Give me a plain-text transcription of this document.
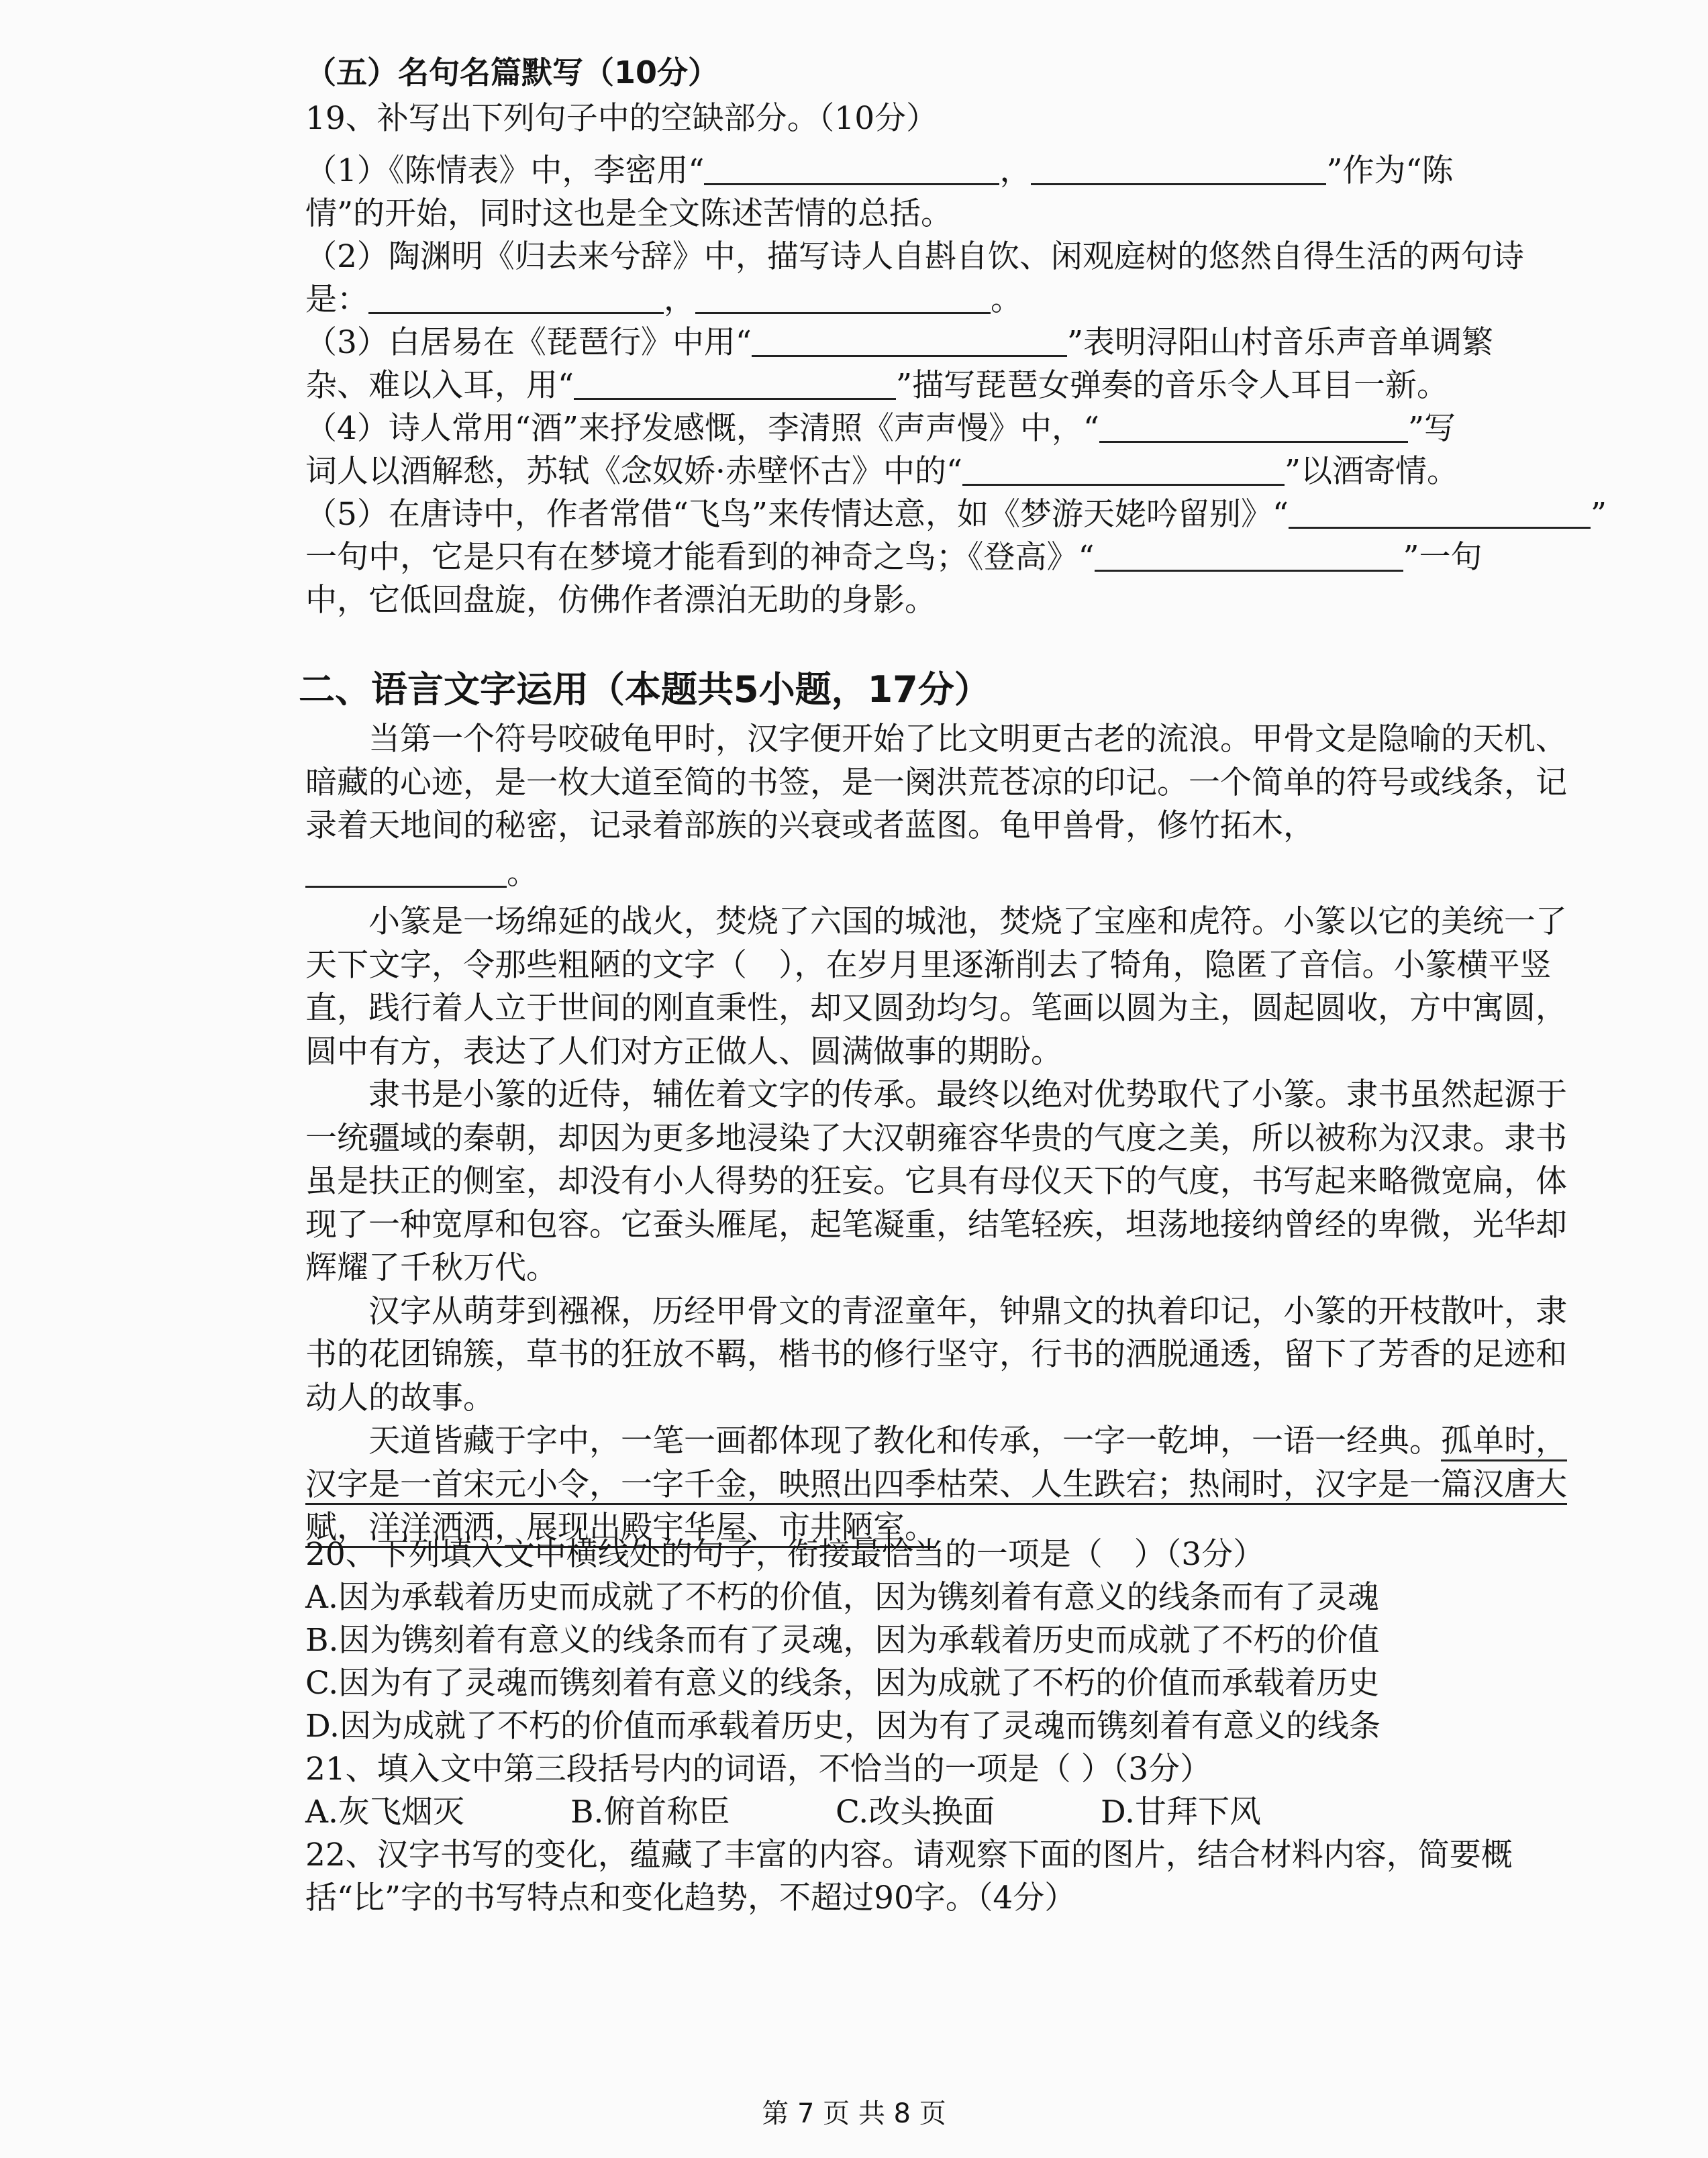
（五）名句名篇默写（10分）

19、补写出下列句子中的空缺部分。（10分）

（1）《陈情表》中，李密用“	，	”作为“陈

情”的开始，同时这也是全文陈述苦情的总括。

（2）陶渊明《归去来兮辞》中，描写诗人自斟自饮、闲观庭树的悠然自得生活的两句诗

是：	，	。

（3）白居易在《琵琶行》中用“	”表明浔阳山村音乐声音单调繁

杂、难以入耳，用“	”描写琵琶女弹奏的音乐令人耳目一新。

（4）诗人常用“酒”来抒发感慨，李清照《声声慢》中，“	”写

词人以酒解愁，苏轼《念奴娇·赤壁怀古》中的“	”以酒寄情。

（5）在唐诗中，作者常借“飞鸟”来传情达意，如《梦游天姥吟留别》“	”

一句中，它是只有在梦境才能看到的神奇之鸟；《登高》“	”一句

中，它低回盘旋，仿佛作者漂泊无助的身影。

二、语言文字运用（本题共5小题，17分）

当第一个符号咬破龟甲时，汉字便开始了比文明更古老的流浪。甲骨文是隐喻的天机、暗藏的心迹，是一枚大道至简的书签，是一阕洪荒苍凉的印记。一个简单的符号或线条，记录着天地间的秘密，记录着部族的兴衰或者蓝图。龟甲兽骨，修竹拓木，

。

小篆是一场绵延的战火，焚烧了六国的城池，焚烧了宝座和虎符。小篆以它的美统一了天下文字，令那些粗陋的文字（　），在岁月里逐渐削去了犄角，隐匿了音信。小篆横平竖直，践行着人立于世间的刚直秉性，却又圆劲均匀。笔画以圆为主，圆起圆收，方中寓圆，圆中有方，表达了人们对方正做人、圆满做事的期盼。

隶书是小篆的近侍，辅佐着文字的传承。最终以绝对优势取代了小篆。隶书虽然起源于一统疆域的秦朝，却因为更多地浸染了大汉朝雍容华贵的气度之美，所以被称为汉隶。隶书虽是扶正的侧室，却没有小人得势的狂妄。它具有母仪天下的气度，书写起来略微宽扁，体现了一种宽厚和包容。它蚕头雁尾，起笔凝重，结笔轻疾，坦荡地接纳曾经的卑微，光华却辉耀了千秋万代。

汉字从萌芽到襁褓，历经甲骨文的青涩童年，钟鼎文的执着印记，小篆的开枝散叶，隶书的花团锦簇，草书的狂放不羁，楷书的修行坚守，行书的洒脱通透，留下了芳香的足迹和动人的故事。

天道皆藏于字中，一笔一画都体现了教化和传承，一字一乾坤，一语一经典。孤单时，汉字是一首宋元小令，一字千金，映照出四季枯荣、人生跌宕；热闹时，汉字是一篇汉唐大赋，洋洋洒洒，展现出殿宇华屋、市井陋室。

20、下列填入文中横线处的句子，衔接最恰当的一项是（　）（3分）

A.因为承载着历史而成就了不朽的价值，因为镌刻着有意义的线条而有了灵魂

B.因为镌刻着有意义的线条而有了灵魂，因为承载着历史而成就了不朽的价值

C.因为有了灵魂而镌刻着有意义的线条，因为成就了不朽的价值而承载着历史

D.因为成就了不朽的价值而承载着历史，因为有了灵魂而镌刻着有意义的线条

21、填入文中第三段括号内的词语，不恰当的一项是（ ）（3分）

A.灰飞烟灭	B.俯首称臣	C.改头换面	D.甘拜下风

22、汉字书写的变化，蕴藏了丰富的内容。请观察下面的图片，结合材料内容，简要概括“比”字的书写特点和变化趋势，不超过90字。（4分）

第 7 页 共 8 页
